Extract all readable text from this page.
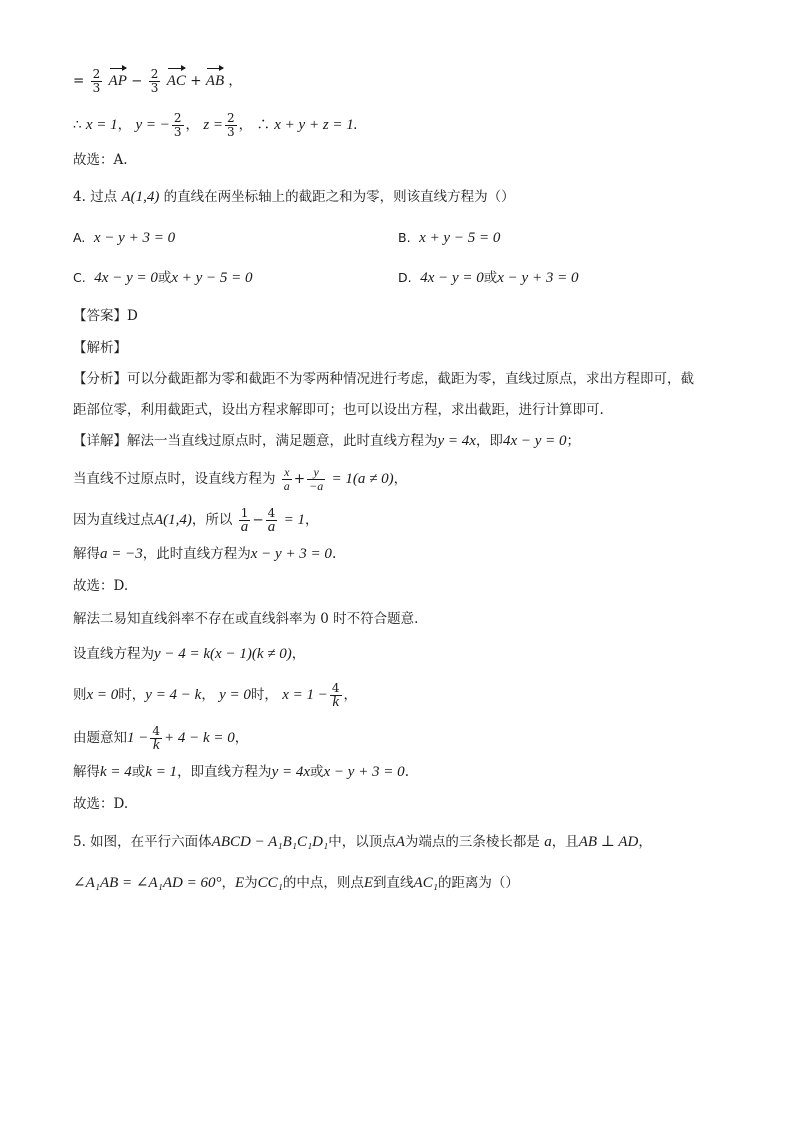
= $\frac{2}{3}$ AP − $\frac{2}{3}$ AC + AB ，
∴ x = 1， y = − $\frac{2}{3}$ ， $z = \frac{2}{3}$ ， ∴ x + y + z = 1.
故选：A.
4. 过点 A(1,4) 的直线在两坐标轴上的截距之和为零，则该直线方程为（）
A. x − y + 3 = 0	B. x + y − 5 = 0
C. 4x − y = 0或x + y − 5 = 0	D. 4x − y = 0或x − y + 3 = 0
【答案】D
【解析】
【分析】可以分截距都为零和截距不为零两种情况进行考虑，截距为零，直线过原点，求出方程即可，截
距部位零，利用截距式，设出方程求解即可；也可以设出方程，求出截距，进行计算即可.
【详解】解法一当直线过原点时，满足题意，此时直线方程为y = 4x，即4x − y = 0；
当直线不过原点时，设直线方程为 $\frac{x}{a} + \frac{y}{-a} = 1(a \ne 0)$，
因为直线过点A(1,4)，所以 $\frac{1}{a} - \frac{4}{a} = 1$，
解得a = −3，此时直线方程为x − y + 3 = 0.
故选：D.
解法二易知直线斜率不存在或直线斜率为 0 时不符合题意.
设直线方程为y − 4 = k(x − 1)(k ≠ 0)，
则x = 0时，y = 4 − k， y = 0时， $x = 1 - \frac{4}{k}$ ，
由题意知$1 - \frac{4}{k} + 4 - k = 0$，
解得k = 4或k = 1，即直线方程为y = 4x或x − y + 3 = 0.
故选：D.
5. 如图，在平行六面体ABCD − A₁B₁C₁D₁中，以顶点A为端点的三条棱长都是 a，且AB ⊥ AD，
∠A₁AB = ∠A₁AD = 60°，E为CC₁的中点，则点E到直线AC₁的距离为（）
